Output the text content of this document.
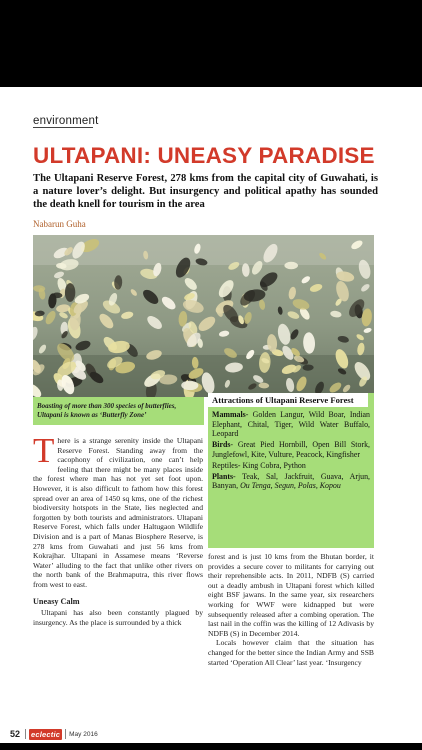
environment
ULTAPANI: UNEASY PARADISE
The Ultapani Reserve Forest, 278 kms from the capital city of Guwahati, is a nature lover’s delight. But insurgency and political apathy has sounded the death knell for tourism in the area
Nabarun Guha
Boasting of more than 300 species of butterflies, Ultapani is known as ‘Butterfly Zone’
Attractions of Ultapani Reserve Forest

Mammals- Golden Langur, Wild Boar, Indian Elephant, Chital, Tiger, Wild Water Buffalo, Leopard

Birds- Great Pied Hornbill, Open Bill Stork, Junglefowl, Kite, Vulture, Peacock, Kingfisher

Reptiles- King Cobra, Python

Plants- Teak, Sal, Jackfruit, Guava, Arjun, Banyan, Ou Tenga, Segun, Polas, Kopou

There is a strange serenity inside the Ultapani Reserve Forest. Standing away from the cacophony of civilization, one can’t help feeling that there might be many places inside the forest where man has not yet set foot upon. However, it is also difficult to fathom how this forest spread over an area of 1450 sq kms, one of the richest biodiversity hotspots in the State, lies neglected and forgotten by both tourists and administrators. Ultapani Reserve Forest, which falls under Haltugaon Wildlife Division and is a part of Manas Biosphere Reserve, is 278 kms from Guwahati and just 56 kms from Kokrajhar. Ultapani in Assamese means ‘Reverse Water’ alluding to the fact that unlike other rivers on the north bank of the Brahmaputra, this river flows from west to east.

Uneasy Calm

Ultapani has also been constantly plagued by insurgency. As the place is surrounded by a thick

forest and is just 10 kms from the Bhutan border, it provides a secure cover to militants for carrying out their reprehensible acts. In 2011, NDFB (S) carried out a deadly ambush in Ultapani forest which killed eight BSF jawans. In the same year, six researchers working for WWF were kidnapped but were subsequently released after a combing operation. The last nail in the coffin was the killing of 12 Adivasis by NDFB (S) in December 2014.

Locals however claim that the situation has changed for the better since the Indian Army and SSB started ‘Operation All Clear’ last year. ‘Insurgency

52 eclectic	May 2016
